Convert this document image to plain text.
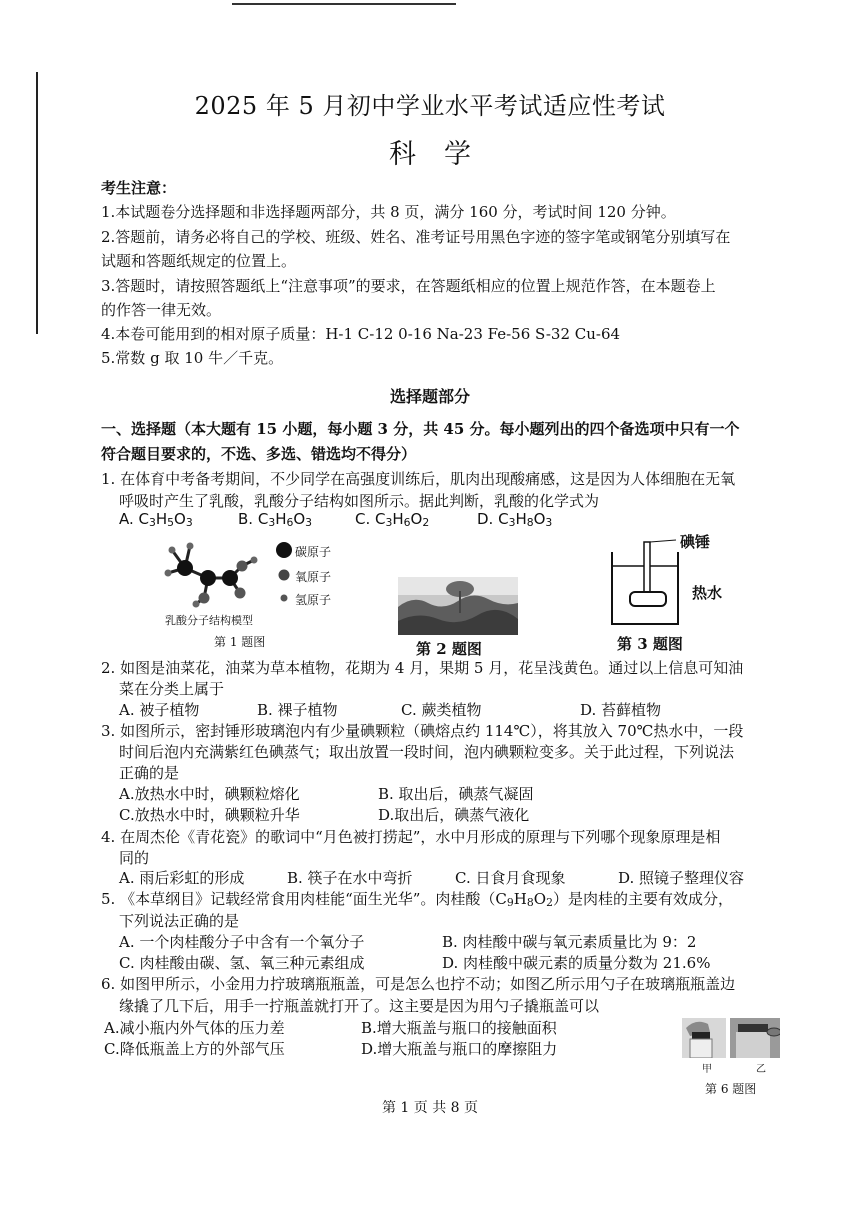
2025 年 5 月初中学业水平考试适应性考试
科学
考生注意：
1.本试题卷分选择题和非选择题两部分，共 8 页，满分 160 分，考试时间 120 分钟。
2.答题前，请务必将自己的学校、班级、姓名、准考证号用黑色字迹的签字笔或钢笔分别填写在
试题和答题纸规定的位置上。
3.答题时，请按照答题纸上“注意事项”的要求，在答题纸相应的位置上规范作答，在本题卷上
的作答一律无效。
4.本卷可能用到的相对原子质量：H-1 C-12 0-16 Na-23 Fe-56 S-32 Cu-64
5.常数 g 取 10 牛／千克。
选择题部分
一、选择题（本大题有 15 小题，每小题 3 分，共 45 分。每小题列出的四个备选项中只有一个
符合题目要求的，不选、多选、错选均不得分）
1. 在体育中考备考期间，不少同学在高强度训练后，肌肉出现酸痛感，这是因为人体细胞在无氧
呼吸时产生了乳酸，乳酸分子结构如图所示。据此判断，乳酸的化学式为
A. $C_3H_5O_3$	B. $C_3H_6O_3$	C. $C_3H_6O_2$	D. $C_3H_8O_3$
碳原子
氧原子
氢原子
乳酸分子结构模型
第 1 题图	第 2 题图
碘锤
热水
第 3 题图
2. 如图是油菜花，油菜为草本植物，花期为 4 月，果期 5 月，花呈浅黄色。通过以上信息可知油
菜在分类上属于
A. 被子植物	B. 裸子植物	C. 蕨类植物	D. 苔藓植物
3. 如图所示，密封锤形玻璃泡内有少量碘颗粒（碘熔点约 114℃），将其放入 70℃热水中，一段
时间后泡内充满紫红色碘蒸气；取出放置一段时间，泡内碘颗粒变多。关于此过程，下列说法
正确的是
A.放热水中时，碘颗粒熔化	B. 取出后，碘蒸气凝固
C.放热水中时，碘颗粒升华	D.取出后，碘蒸气液化
4. 在周杰伦《青花瓷》的歌词中“月色被打捞起”，水中月形成的原理与下列哪个现象原理是相
同的
A. 雨后彩虹的形成	B. 筷子在水中弯折	C. 日食月食现象	D. 照镜子整理仪容
5. 《本草纲目》记载经常食用肉桂能“面生光华”。肉桂酸$(C_9H_8O_2)$是肉桂的主要有效成分，
下列说法正确的是
A. 一个肉桂酸分子中含有一个氧分子	B. 肉桂酸中碳与氧元素质量比为 9：2
C. 肉桂酸由碳、氢、氧三种元素组成	D. 肉桂酸中碳元素的质量分数为 21.6%
6. 如图甲所示，小金用力拧玻璃瓶瓶盖，可是怎么也拧不动；如图乙所示用勺子在玻璃瓶瓶盖边
缘撬了几下后，用手一拧瓶盖就打开了。这主要是因为用勺子撬瓶盖可以
A.减小瓶内外气体的压力差	B.增大瓶盖与瓶口的接触面积
C.降低瓶盖上方的外部气压	D.增大瓶盖与瓶口的摩擦阻力
甲	乙
第 6 题图
第 1 页 共 8 页
